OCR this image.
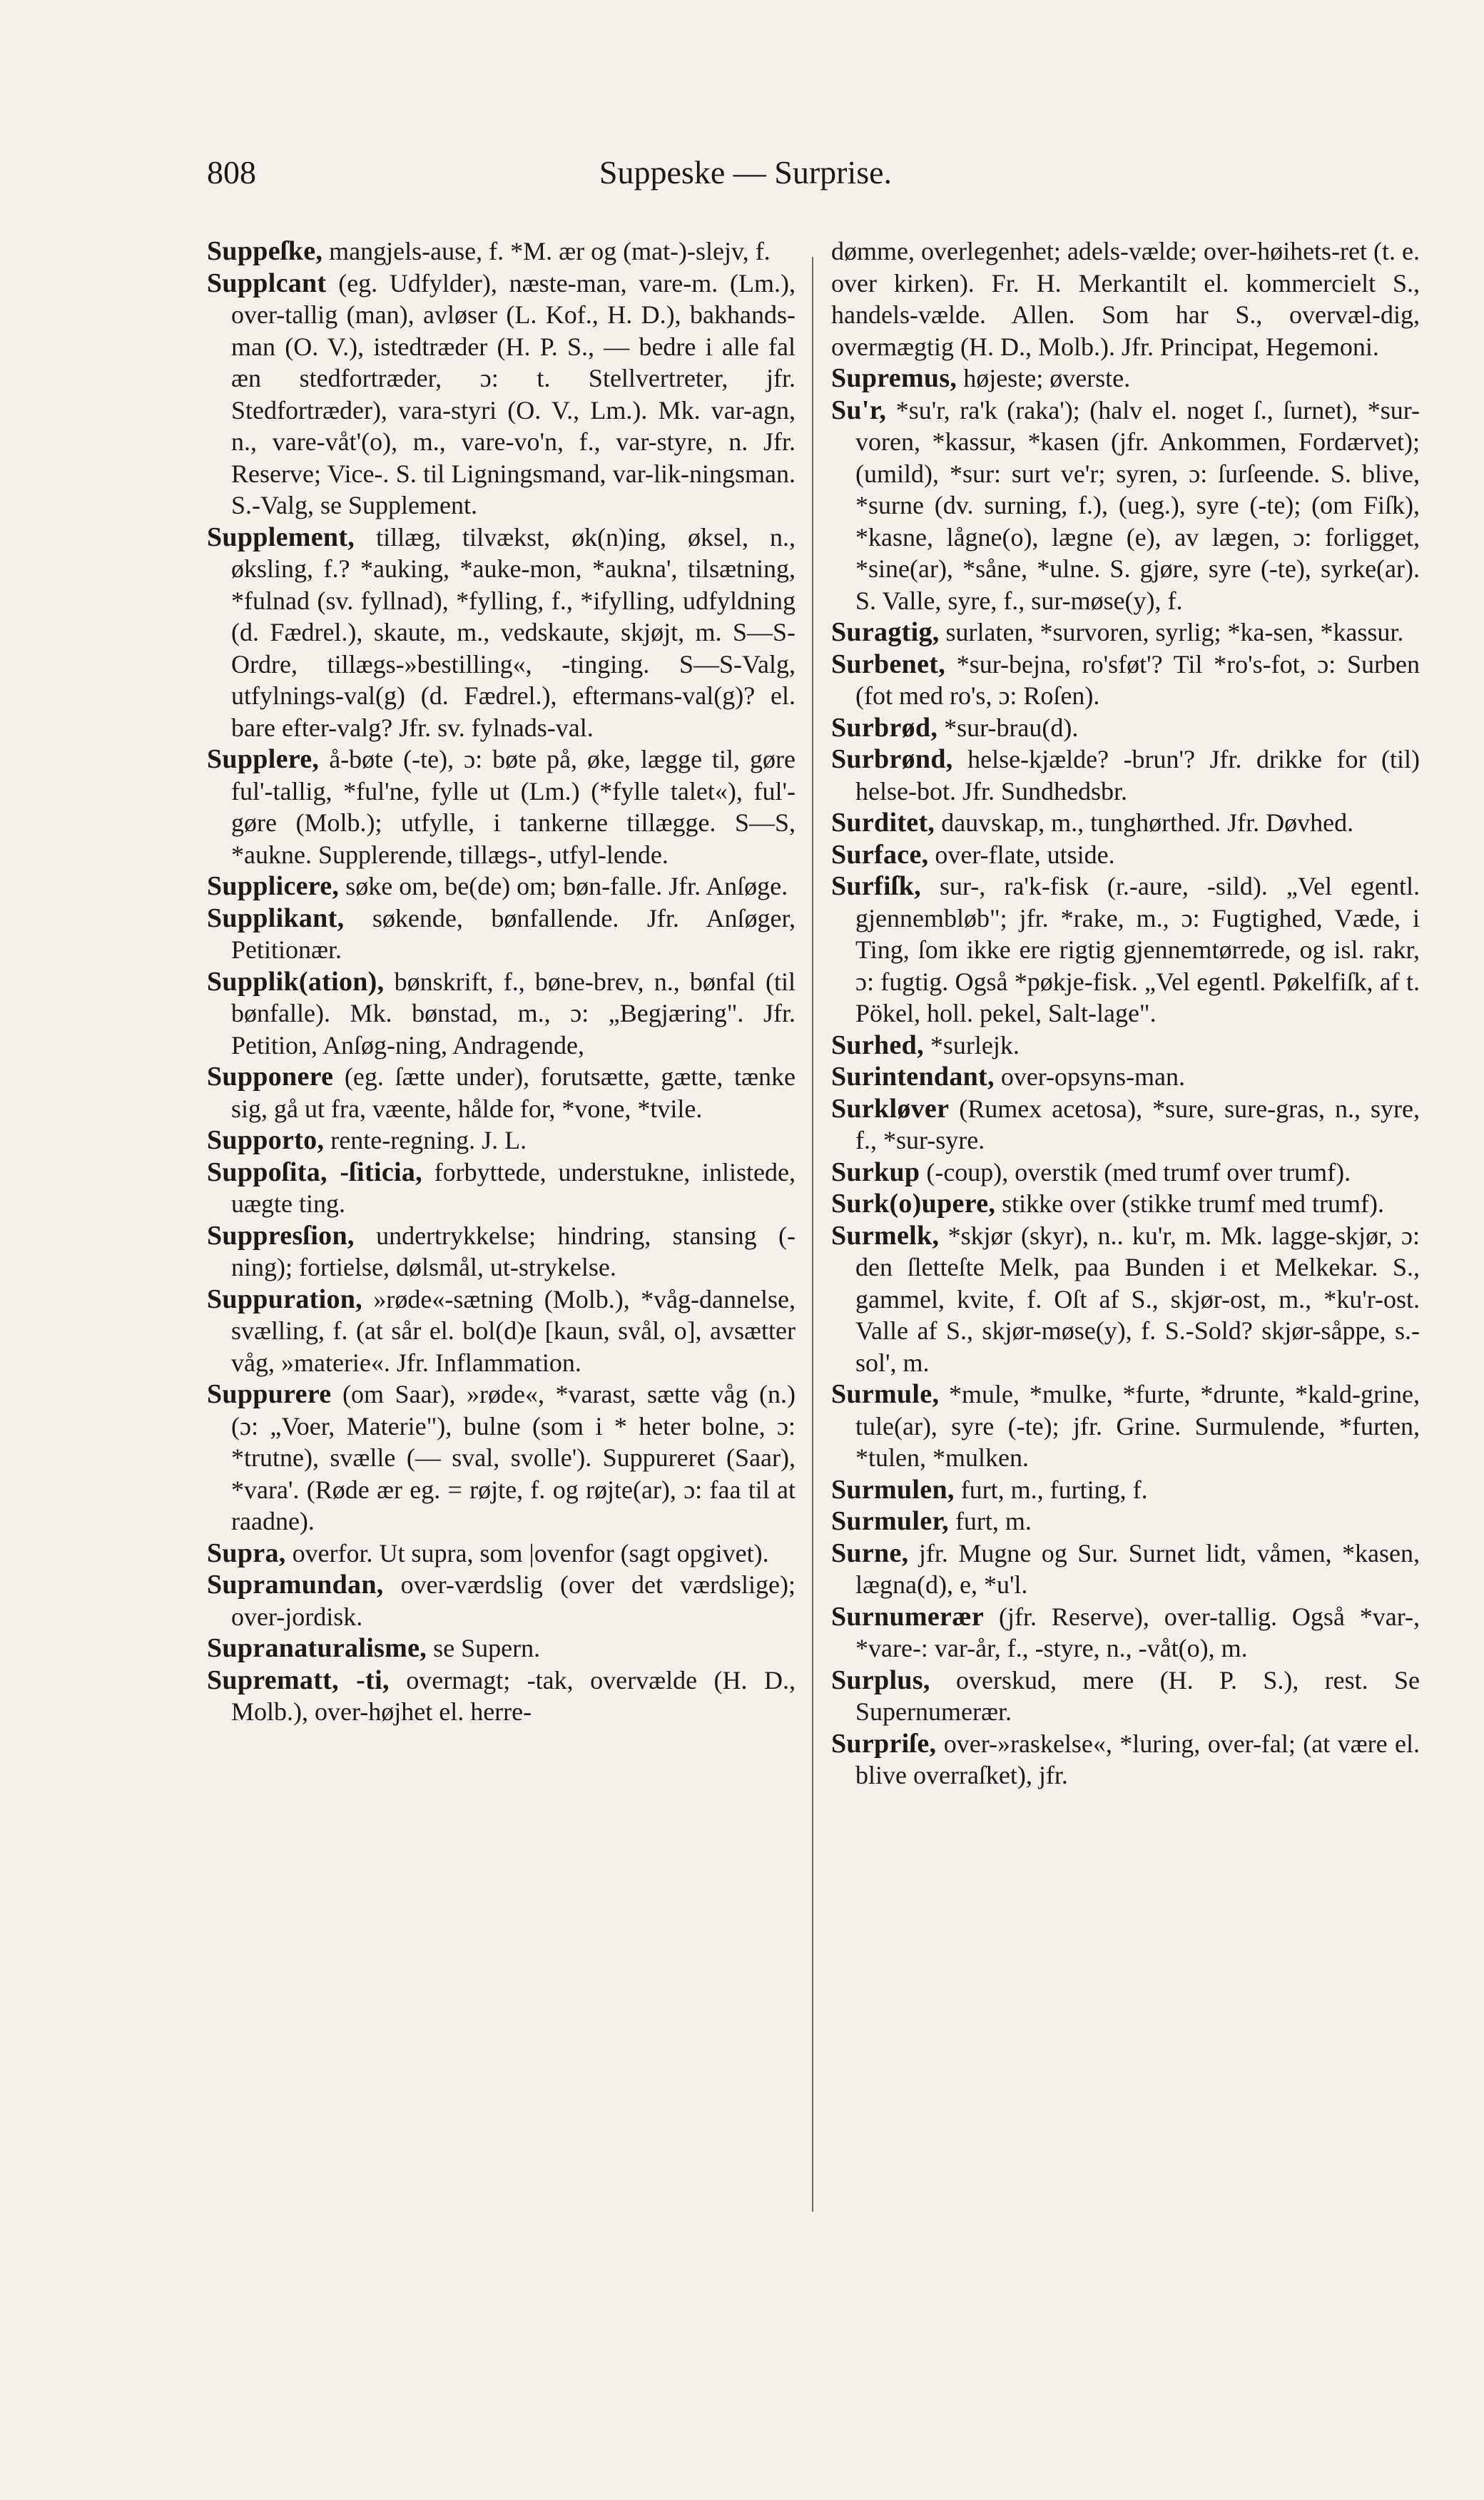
808	Suppeske — Surprise.

Suppeſke, mangjels-ause, f. *M. ær og (mat-)-slejv, f.

Supplcant (eg. Udfylder), næste-man, vare-m. (Lm.), over-tallig (man), avløser (L. Kof., H. D.), bakhands-man (O. V.), istedtræder (H. P. S., — bedre i alle fal æn stedfortræder, ɔ: t. Stellvertreter, jfr. Stedfortræder), vara-styri (O. V., Lm.). Mk. var-agn, n., vare-våt'(o), m., vare-vo'n, f., var-styre, n. Jfr. Reserve; Vice-. S. til Ligningsmand, var-lik-ningsman. S.-Valg, se Supplement.

Supplement, tillæg, tilvækst, øk(n)ing, øksel, n., øksling, f.? *auking, *auke-mon, *aukna', tilsætning, *fulnad (sv. fyllnad), *fylling, f., *ifylling, udfyldning (d. Fædrel.), skaute, m., vedskaute, skjøjt, m. S—S-Ordre, tillægs-»bestilling«, -tinging. S—S-Valg, utfylnings-val(g) (d. Fædrel.), eftermans-val(g)? el. bare efter-valg? Jfr. sv. fylnads-val.

Supplere, å-bøte (-te), ɔ: bøte på, øke, lægge til, gøre ful'-tallig, *ful'ne, fylle ut (Lm.) (*fylle talet«), ful'-gøre (Molb.); utfylle, i tankerne tillægge. S—S, *aukne. Supplerende, tillægs-, utfyl-lende.

Supplicere, søke om, be(de) om; bøn-falle. Jfr. Anſøge.

Supplikant, søkende, bønfallende. Jfr. Anſøger, Petitionær.

Supplik(ation), bønskrift, f., bøne-brev, n., bønfal (til bønfalle). Mk. bønstad, m., ɔ: „Begjæring". Jfr. Petition, Anſøg-ning, Andragende,

Supponere (eg. ſætte under), forutsætte, gætte, tænke sig, gå ut fra, væente, hålde for, *vone, *tvile.

Supporto, rente-regning. J. L.

Suppoſita, -ſiticia, forbyttede, understukne, inlistede, uægte ting.

Suppresſion, undertrykkelse; hindring, stansing (-ning); fortielse, dølsmål, ut-strykelse.

Suppuration, »røde«-sætning (Molb.), *våg-dannelse, svælling, f. (at sår el. bol(d)e [kaun, svål, o], avsætter våg, »materie«. Jfr. Inflammation.

Suppurere (om Saar), »røde«, *varast, sætte våg (n.) (ɔ: „Voer, Materie"), bulne (som i * heter bolne, ɔ: *trutne), svælle (— sval, svolle'). Suppureret (Saar), *vara'. (Røde ær eg. = røjte, f. og røjte(ar), ɔ: faa til at raadne).

Supra, overfor. Ut supra, som |ovenfor (sagt opgivet).

Supramundan, over-værdslig (over det værdslige); over-jordisk.

Supranaturalisme, se Supern.

Suprematt, -ti, overmagt; -tak, overvælde (H. D., Molb.), over-højhet el. herre-

dømme, overlegenhet; adels-vælde; over-høihets-ret (t. e. over kirken). Fr. H. Merkantilt el. kommercielt S., handels-vælde. Allen. Som har S., overvæl-dig, overmægtig (H. D., Molb.). Jfr. Principat, Hegemoni.

Supremus, højeste; øverste.

Su'r, *su'r, ra'k (raka'); (halv el. noget ſ., ſurnet), *sur-voren, *kassur, *kasen (jfr. Ankommen, Fordærvet); (umild), *sur: surt ve'r; syren, ɔ: ſurſeende. S. blive, *surne (dv. surning, f.), (ueg.), syre (-te); (om Fiſk), *kasne, lågne(o), lægne (e), av lægen, ɔ: forligget, *sine(ar), *såne, *ulne. S. gjøre, syre (-te), syrke(ar). S. Valle, syre, f., sur-møse(y), f.

Suragtig, surlaten, *survoren, syrlig; *ka-sen, *kassur.

Surbenet, *sur-bejna, ro'sføt'? Til *ro's-fot, ɔ: Surben (fot med ro's, ɔ: Roſen).

Surbrød, *sur-brau(d).

Surbrønd, helse-kjælde? -brun'? Jfr. drikke for (til) helse-bot. Jfr. Sundhedsbr.

Surditet, dauvskap, m., tunghørthed. Jfr. Døvhed.

Surface, over-flate, utside.

Surfiſk, sur-, ra'k-fisk (r.-aure, -sild). „Vel egentl. gjennembløb"; jfr. *rake, m., ɔ: Fugtighed, Væde, i Ting, ſom ikke ere rigtig gjennemtørrede, og isl. rakr, ɔ: fugtig. Også *pøkje-fisk. „Vel egentl. Pøkelfiſk, af t. Pökel, holl. pekel, Salt-lage".

Surhed, *surlejk.

Surintendant, over-opsyns-man.

Surkløver (Rumex acetosa), *sure, sure-gras, n., syre, f., *sur-syre.

Surkup (-coup), overstik (med trumf over trumf).

Surk(o)upere, stikke over (stikke trumf med trumf).

Surmelk, *skjør (skyr), n.. ku'r, m. Mk. lagge-skjør, ɔ: den ſletteſte Melk, paa Bunden i et Melkekar. S., gammel, kvite, f. Oſt af S., skjør-ost, m., *ku'r-ost. Valle af S., skjør-møse(y), f. S.-Sold? skjør-såppe, s.-sol', m.

Surmule, *mule, *mulke, *furte, *drunte, *kald-grine, tule(ar), syre (-te); jfr. Grine. Surmulende, *furten, *tulen, *mulken.

Surmulen, furt, m., furting, f.

Surmuler, furt, m.

Surne, jfr. Mugne og Sur. Surnet lidt, våmen, *kasen, lægna(d), e, *u'l.

Surnumerær (jfr. Reserve), over-tallig. Også *var-, *vare-: var-år, f., -styre, n., -våt(o), m.

Surplus, overskud, mere (H. P. S.), rest. Se Supernumerær.

Surpriſe, over-»raskelse«, *luring, over-fal; (at være el. blive overraſket), jfr.
